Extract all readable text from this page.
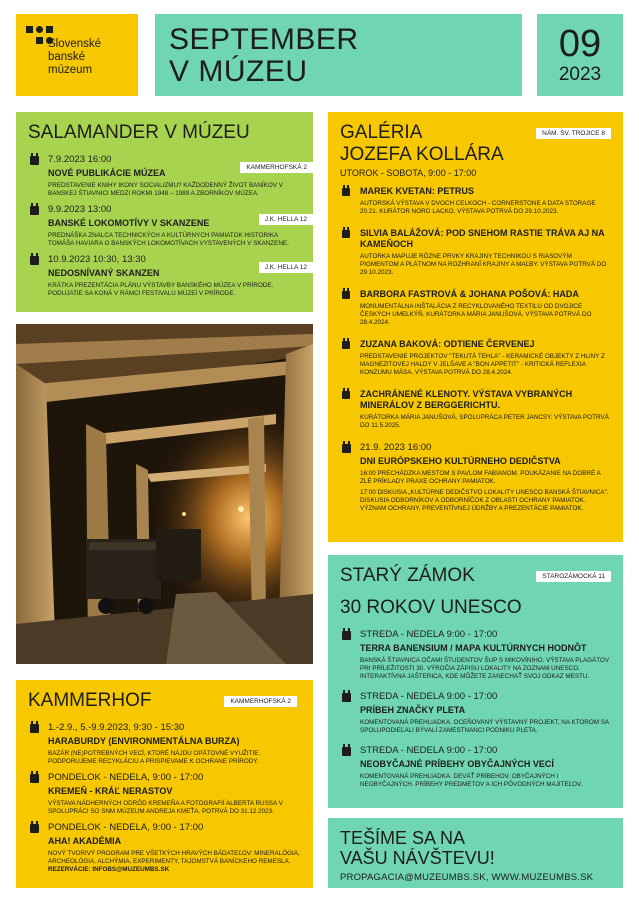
Slovenské
banské
múzeum
SEPTEMBER
V MÚZEU
09
2023
SALAMANDER V MÚZEU
7.9.2023 16:00
NOVÉ PUBLIKÁCIE MÚZEA
KAMMERHOFSKÁ 2
PREDSTAVENIE KNIHY IKONY SOCIALIZMU? KAŽDODENNÝ ŽIVOT BANÍKOV V BANSKEJ ŠTIAVNICI MEDZI ROKMI 1948 – 1989 A ZBORNÍKOV MÚZEA.
9.9.2023 13:00
BANSKÉ LOKOMOTÍVY V SKANZENE	J.K. HELLA 12
PREDNÁŠKA ZNALCA TECHNICKÝCH A KULTÚRNYCH PAMIATOK HISTORIKA TOMÁŠA HAVIARA O BANSKÝCH LOKOMOTÍVACH VYSTAVENÝCH V SKANZENE.
10.9.2023 10:30, 13:30
NEDOSNÍVANÝ SKANZEN
J.K. HELLA 12
KRÁTKA PREZENTÁCIA PLÁNU VÝSTAVBY BANSKÉHO MÚZEA V PRÍRODE. PODUJATIE SA KONÁ V RÁMCI FESTIVALU MÚZEÍ V PRÍRODE.
KAMMERHOF	KAMMERHOFSKÁ 2
1.-2.9., 5.-9.9.2023, 9:30 - 15:30
HARABURDY (ENVIRONMENTÁLNA BURZA)
BAZÁR (NE)POTREBNÝCH VECÍ, KTORÉ NÁJDU OPÄTOVNÉ VYUŽITIE. PODPORUJEME RECYKLÁCIU A PRISPIEVAME K OCHRANE PRÍRODY.
PONDELOK - NEDELA, 9:00 - 17:00
KREMEŇ - KRÁĽ NERASTOV
VÝSTAVA NÁDHERNÝCH ODRÔD KREMEŇA A FOTOGRAFIÍ ALBERTA RUSSA V SPOLUPRÁCI SO SNM MÚZEUM ANDREJA KMEŤA. POTRVÁ DO 31.12.2023.
PONDELOK - NEDELA, 9:00 - 17:00
AHA! AKADÉMIA
NOVÝ TVORIVÝ PROGRAM PRE VŠETKÝCH HRAVÝCH BÁDATEĽOV: MINERALÓGIA, ARCHEOLÓGIA, ALCHÝMIA, EXPERIMENTY, TAJOMSTVÁ BANÍCKEHO REMESLA.
REZERVÁCIE: INFOBS@MUZEUMBS.SK
GALÉRIA
JOZEFA KOLLÁRA
NÁM. SV. TROJICE 8
UTOROK - SOBOTA, 9:00 - 17:00
MAREK KVETAN: PETRUS
AUTORSKÁ VÝSTAVA V DVOCH CELKOCH - CORNERSTONE A DATA STORAGE 20.21. KURÁTOR NORO LACKO. VÝSTAVA POTRVÁ DO 29.10.2023.
SILVIA BALÁŽOVÁ: POD SNEHOM RASTIE TRÁVA AJ NA KAMEŇOCH
AUTORKA MAPUJE RÔZNE PRVKY KRAJINY TECHNIKOU S RIASOVÝM PIGMENTOM A PLÁTNOM NA ROZHRANÍ KRAJINY A MAĽBY. VÝSTAVA POTRVÁ DO 29.10.2023.
BARBORA FASTROVÁ & JOHANA POŠOVÁ: HADA
MONUMENTÁLNA INŠTALÁCIA Z RECYKLOVANÉHO TEXTILU OD DVOJICE ČESKÝCH UMELKÝŇ. KURÁTORKA MÁRIA JANUŠOVÁ. VÝSTAVA POTRVÁ DO 28.4.2024.
ZUZANA BAKOVÁ: ODTIENE ČERVENEJ
PREDSTAVENIE PROJEKTOV "TEKUTÁ TEHLA" - KERAMICKÉ OBJEKTY Z HLINY Z MAGNEZITOVEJ HALDY V JELŠAVE A "BON APPETIT" - KRITICKÁ REFLEXIA KONZUMU MÄSA. VÝSTAVA POTRVÁ DO 28.4.2024.
ZACHRÁNENÉ KLENOTY. VÝSTAVA VYBRANÝCH MINERÁLOV Z BERGGERICHTU.
KURÁTORKA MÁRIA JANUŠOVÁ, SPOLUPRÁCA PETER JANCSY. VÝSTAVA POTRVÁ DO 11.5.2025.
21.9. 2023 16:00
DNI EURÓPSKEHO KULTÚRNEHO DEDIČSTVA
16:00 PRECHÁDZKA MESTOM S PAVLOM FABIANOM. POUKÁZANIE NA DOBRÉ A ZLÉ PRÍKLADY PRAXE OCHRANY PAMIATOK.
17:00 DISKUSIA „KULTÚRNE DEDIČSTVO LOKALITY UNESCO BANSKÁ ŠTIAVNICA". DISKUSIA ODBORNÍKOV A ODBORNÍČOK Z OBLASTI OCHRANY PAMIATOK. VÝZNAM OCHRANY, PREVENTÍVNEJ ÚDRŽBY A PREZENTÁCIE PAMIATOK.
STARÝ ZÁMOK
30 ROKOV UNESCO
STAROZÁMOCKÁ 11
STREDA - NEDELA 9:00 - 17:00
TERRA BANENSIUM / MAPA KULTÚRNYCH HODNÔT
BANSKÁ ŠTIAVNICA OČAMI ŠTUDENTOV ŠUP S MIKOVÍNIHO. VÝSTAVA PLAGÁTOV PRI PRÍLEŽITOSTI 30. VÝROČIA ZÁPISU LOKALITY NA ZOZNAM UNESCO. INTERAKTÍVNA JAŠTERICA, KDE MÔŽETE ZANECHAŤ SVOJ ODKAZ MESTU.
STREDA - NEDELA 9:00 - 17:00
PRÍBEH ZNAČKY PLETA
KOMENTOVANÁ PREHLIADKA. OCEŇOVANÝ VÝSTAVNÝ PROJEKT, NA KTOROM SA SPOLUPODIEĽALI BÝVALÍ ZAMESTNANCI PODNIKU PLETA.
STREDA - NEDELA 9:00 - 17:00
NEOBYČAJNÉ PRÍBEHY OBYČAJNÝCH VECÍ
KOMENTOVANÁ PREHLIADKA. DEVÄŤ PRÍBEHOV. OBYČAJNÝCH I NEOBYČAJNÝCH. PRÍBEHY PREDMETOV A ICH PÔVODNÝCH MAJITEĽOV.
TEŠÍME SA NA
VAŠU NÁVŠTEVU!
PROPAGACIA@MUZEUMBS.SK, WWW.MUZEUMBS.SK
